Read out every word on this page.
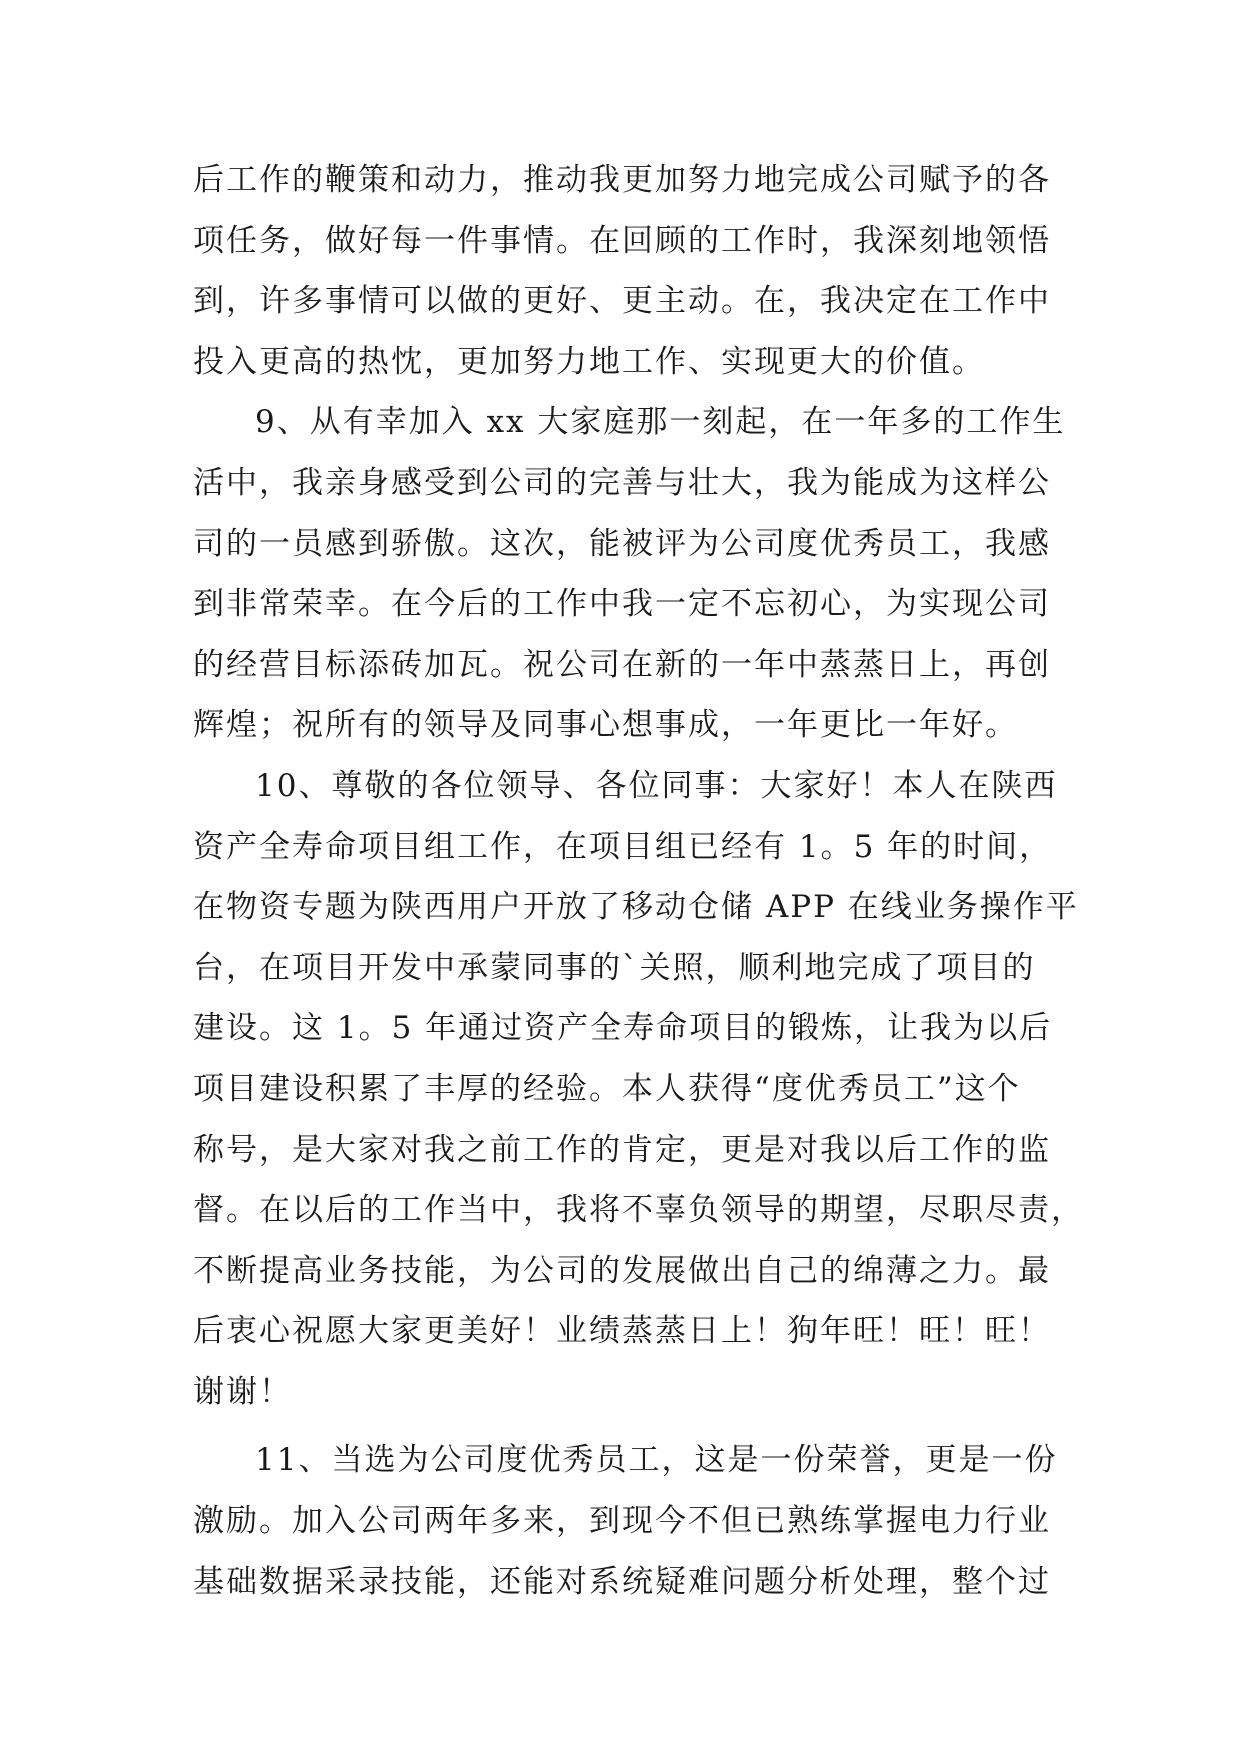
后工作的鞭策和动力，推动我更加努力地完成公司赋予的各
项任务，做好每一件事情。在回顾的工作时，我深刻地领悟
到，许多事情可以做的更好、更主动。在，我决定在工作中
投入更高的热忱，更加努力地工作、实现更大的价值。
9、从有幸加入 xx 大家庭那一刻起，在一年多的工作生
活中，我亲身感受到公司的完善与壮大，我为能成为这样公
司的一员感到骄傲。这次，能被评为公司度优秀员工，我感
到非常荣幸。在今后的工作中我一定不忘初心，为实现公司
的经营目标添砖加瓦。祝公司在新的一年中蒸蒸日上，再创
辉煌；祝所有的领导及同事心想事成，一年更比一年好。
10、尊敬的各位领导、各位同事：大家好！本人在陕西
资产全寿命项目组工作，在项目组已经有 1。5 年的时间，
在物资专题为陕西用户开放了移动仓储 APP 在线业务操作平
台，在项目开发中承蒙同事的`关照，顺利地完成了项目的
建设。这 1。5 年通过资产全寿命项目的锻炼，让我为以后
项目建设积累了丰厚的经验。本人获得“度优秀员工”这个
称号，是大家对我之前工作的肯定，更是对我以后工作的监
督。在以后的工作当中，我将不辜负领导的期望，尽职尽责，
不断提高业务技能，为公司的发展做出自己的绵薄之力。最
后衷心祝愿大家更美好！业绩蒸蒸日上！狗年旺！旺！旺！
谢谢！
11、当选为公司度优秀员工，这是一份荣誉，更是一份
激励。加入公司两年多来，到现今不但已熟练掌握电力行业
基础数据采录技能，还能对系统疑难问题分析处理，整个过
